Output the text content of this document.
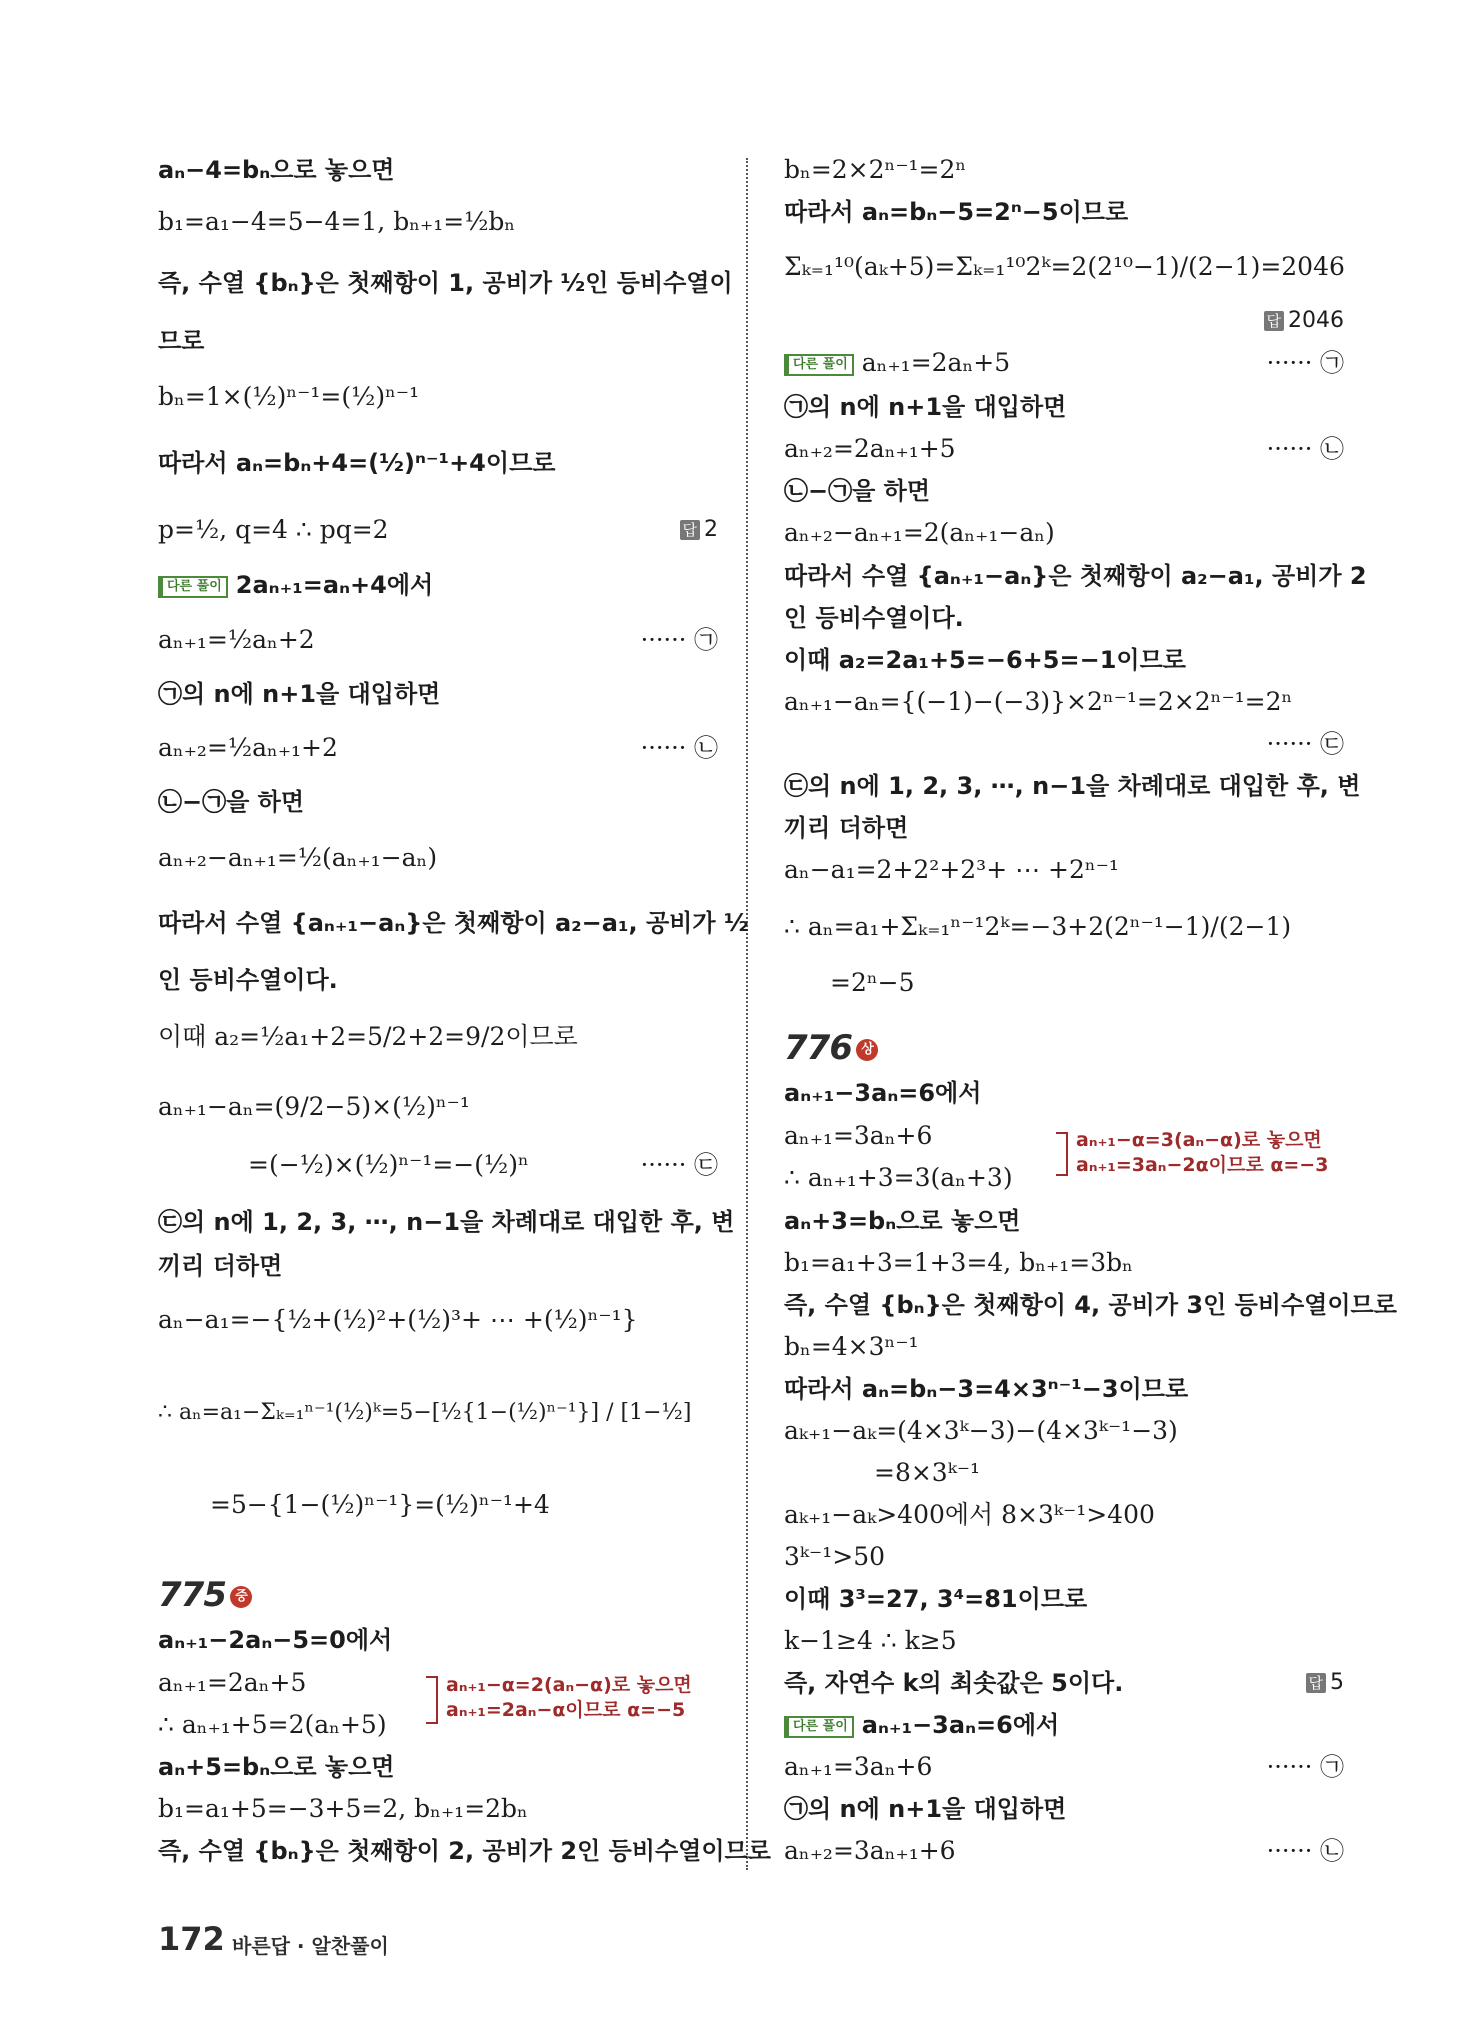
aₙ−4=bₙ으로 놓으면
b₁=a₁−4=5−4=1, bₙ₊₁=½bₙ
즉, 수열 {bₙ}은 첫째항이 1, 공비가 ½인 등비수열이
므로
bₙ=1×(½)ⁿ⁻¹=(½)ⁿ⁻¹
따라서 aₙ=bₙ+4=(½)ⁿ⁻¹+4이므로
p=½, q=4 ∴ pq=2	답 2
다른 풀이 2aₙ₊₁=aₙ+4에서
aₙ₊₁=½aₙ+2	······ ㉠
㉠의 n에 n+1을 대입하면
aₙ₊₂=½aₙ₊₁+2	······ ㉡
㉡−㉠을 하면
aₙ₊₂−aₙ₊₁=½(aₙ₊₁−aₙ)
따라서 수열 {aₙ₊₁−aₙ}은 첫째항이 a₂−a₁, 공비가 ½
인 등비수열이다.
이때 a₂=½a₁+2=5/2+2=9/2이므로
aₙ₊₁−aₙ=(9/2−5)×(½)ⁿ⁻¹
=(−½)×(½)ⁿ⁻¹=−(½)ⁿ	······ ㉢
㉢의 n에 1, 2, 3, ⋯, n−1을 차례대로 대입한 후, 변
끼리 더하면
aₙ−a₁=−{½+(½)²+(½)³+ ⋯ +(½)ⁿ⁻¹}
∴ aₙ=a₁−Σₖ₌₁ⁿ⁻¹(½)ᵏ=5−[½{1−(½)ⁿ⁻¹}] / [1−½]
=5−{1−(½)ⁿ⁻¹}=(½)ⁿ⁻¹+4
775 중
aₙ₊₁−2aₙ−5=0에서
aₙ₊₁=2aₙ+5
∴ aₙ₊₁+5=2(aₙ+5)
aₙ₊₁−α=2(aₙ−α)로 놓으면
aₙ₊₁=2aₙ−α이므로 α=−5
aₙ+5=bₙ으로 놓으면
b₁=a₁+5=−3+5=2, bₙ₊₁=2bₙ
즉, 수열 {bₙ}은 첫째항이 2, 공비가 2인 등비수열이므로
bₙ=2×2ⁿ⁻¹=2ⁿ
따라서 aₙ=bₙ−5=2ⁿ−5이므로
Σₖ₌₁¹⁰(aₖ+5)=Σₖ₌₁¹⁰2ᵏ=2(2¹⁰−1)/(2−1)=2046
답 2046
다른 풀이 aₙ₊₁=2aₙ+5	······ ㉠
㉠의 n에 n+1을 대입하면
aₙ₊₂=2aₙ₊₁+5	······ ㉡
㉡−㉠을 하면
aₙ₊₂−aₙ₊₁=2(aₙ₊₁−aₙ)
따라서 수열 {aₙ₊₁−aₙ}은 첫째항이 a₂−a₁, 공비가 2
인 등비수열이다.
이때 a₂=2a₁+5=−6+5=−1이므로
aₙ₊₁−aₙ={(−1)−(−3)}×2ⁿ⁻¹=2×2ⁿ⁻¹=2ⁿ
······ ㉢
㉢의 n에 1, 2, 3, ⋯, n−1을 차례대로 대입한 후, 변
끼리 더하면
aₙ−a₁=2+2²+2³+ ⋯ +2ⁿ⁻¹
∴ aₙ=a₁+Σₖ₌₁ⁿ⁻¹2ᵏ=−3+2(2ⁿ⁻¹−1)/(2−1)
=2ⁿ−5
776 상
aₙ₊₁−3aₙ=6에서
aₙ₊₁=3aₙ+6
∴ aₙ₊₁+3=3(aₙ+3)
aₙ₊₁−α=3(aₙ−α)로 놓으면
aₙ₊₁=3aₙ−2α이므로 α=−3
aₙ+3=bₙ으로 놓으면
b₁=a₁+3=1+3=4, bₙ₊₁=3bₙ
즉, 수열 {bₙ}은 첫째항이 4, 공비가 3인 등비수열이므로
bₙ=4×3ⁿ⁻¹
따라서 aₙ=bₙ−3=4×3ⁿ⁻¹−3이므로
aₖ₊₁−aₖ=(4×3ᵏ−3)−(4×3ᵏ⁻¹−3)
=8×3ᵏ⁻¹
aₖ₊₁−aₖ>400에서 8×3ᵏ⁻¹>400
3ᵏ⁻¹>50
이때 3³=27, 3⁴=81이므로
k−1≥4 ∴ k≥5
즉, 자연수 k의 최솟값은 5이다.	답 5
다른 풀이 aₙ₊₁−3aₙ=6에서
aₙ₊₁=3aₙ+6	······ ㉠
㉠의 n에 n+1을 대입하면
aₙ₊₂=3aₙ₊₁+6	······ ㉡
172 바른답 · 알찬풀이
